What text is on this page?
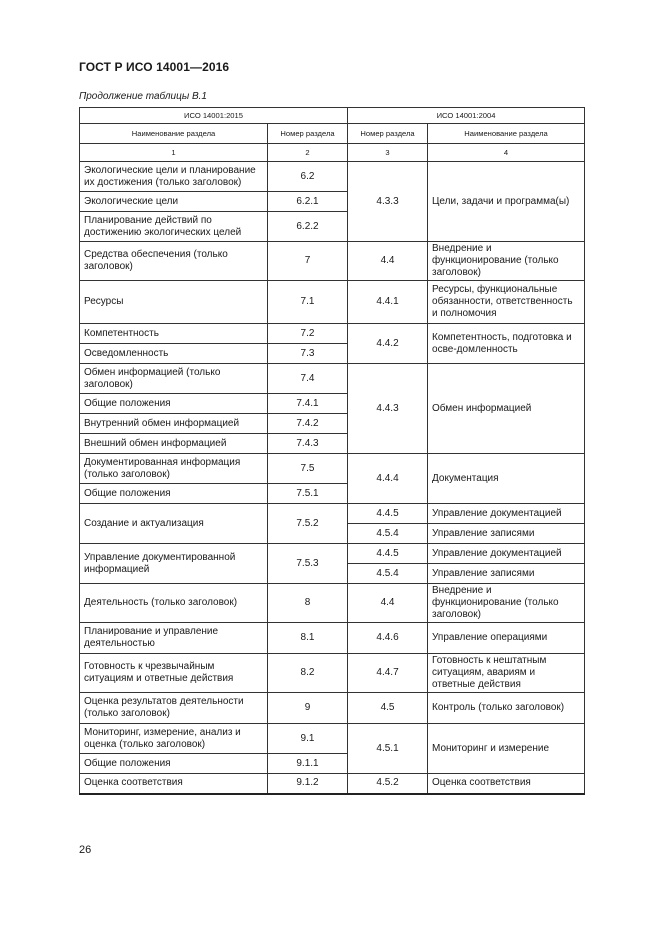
ГОСТ Р ИСО 14001—2016
Продолжение таблицы В.1
ИСО 14001:2015		ИСО 14001:2004	
Наименование раздела	Номер раздела	Номер раздела	Наименование раздела
1	2	3	4
Экологические цели и планирование их достижения (только заголовок)	6.2	4.3.3	Цели, задачи и программа(ы)
Экологические цели	6.2.1		
Планирование действий по достижению экологических целей	6.2.2		
Средства обеспечения (только заголовок)	7	4.4	Внедрение и функционирование (только заголовок)
Ресурсы	7.1	4.4.1	Ресурсы, функциональные обязанности, ответственность и полномочия
Компетентность	7.2	4.4.2	Компетентность, подготовка и осве-домленность
Осведомленность	7.3		
Обмен информацией (только заголовок)	7.4	4.4.3	Обмен информацией
Общие положения	7.4.1		
Внутренний обмен информацией	7.4.2		
Внешний обмен информацией	7.4.3		
Документированная информация (только заголовок)	7.5	4.4.4	Документация
Общие положения	7.5.1		
Создание и актуализация	7.5.2	4.4.5	Управление документацией
		4.5.4	Управление записями
Управление документированной информацией	7.5.3	4.4.5	Управление документацией
		4.5.4	Управление записями
Деятельность (только заголовок)	8	4.4	Внедрение и функционирование (только заголовок)
Планирование и управление деятельностью	8.1	4.4.6	Управление операциями
Готовность к чрезвычайным ситуациям и ответные действия	8.2	4.4.7	Готовность к нештатным ситуациям, авариям и ответные действия
Оценка результатов деятельности (только заголовок)	9	4.5	Контроль (только заголовок)
Мониторинг, измерение, анализ и оценка (только заголовок)	9.1	4.5.1	Мониторинг и измерение
Общие положения	9.1.1		
Оценка соответствия	9.1.2	4.5.2	Оценка соответствия

26
